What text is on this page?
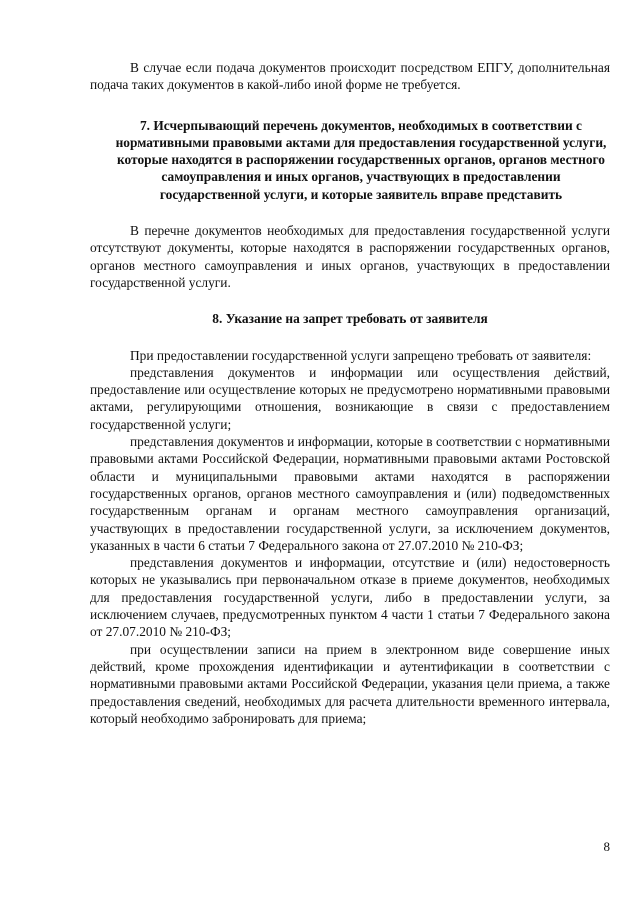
В случае если подача документов происходит посредством ЕПГУ, дополнительная подача таких документов в какой-либо иной форме не требуется.

7. Исчерпывающий перечень документов, необходимых в соответствии с нормативными правовыми актами для предоставления государственной услуги, которые находятся в распоряжении государственных органов, органов местного самоуправления и иных органов, участвующих в предоставлении государственной услуги, и которые заявитель вправе представить

В перечне документов необходимых для предоставления государственной услуги отсутствуют документы, которые находятся в распоряжении государственных органов, органов местного самоуправления и иных органов, участвующих в предоставлении государственной услуги.

8. Указание на запрет требовать от заявителя

При предоставлении государственной услуги запрещено требовать от заявителя:

представления документов и информации или осуществления действий, предоставление или осуществление которых не предусмотрено нормативными правовыми актами, регулирующими отношения, возникающие в связи с предоставлением государственной услуги;

представления документов и информации, которые в соответствии с нормативными правовыми актами Российской Федерации, нормативными правовыми актами Ростовской области и муниципальными правовыми актами находятся в распоряжении государственных органов, органов местного самоуправления и (или) подведомственных государственным органам и органам местного самоуправления организаций, участвующих в предоставлении государственной услуги, за исключением документов, указанных в части 6 статьи 7 Федерального закона от 27.07.2010 № 210-ФЗ;

представления документов и информации, отсутствие и (или) недостоверность которых не указывались при первоначальном отказе в приеме документов, необходимых для предоставления государственной услуги, либо в предоставлении услуги, за исключением случаев, предусмотренных пунктом 4 части 1 статьи 7 Федерального закона от 27.07.2010 № 210-ФЗ;

при осуществлении записи на прием в электронном виде совершение иных действий, кроме прохождения идентификации и аутентификации в соответствии с нормативными правовыми актами Российской Федерации, указания цели приема, а также предоставления сведений, необходимых для расчета длительности временного интервала, который необходимо забронировать для приема;

8
